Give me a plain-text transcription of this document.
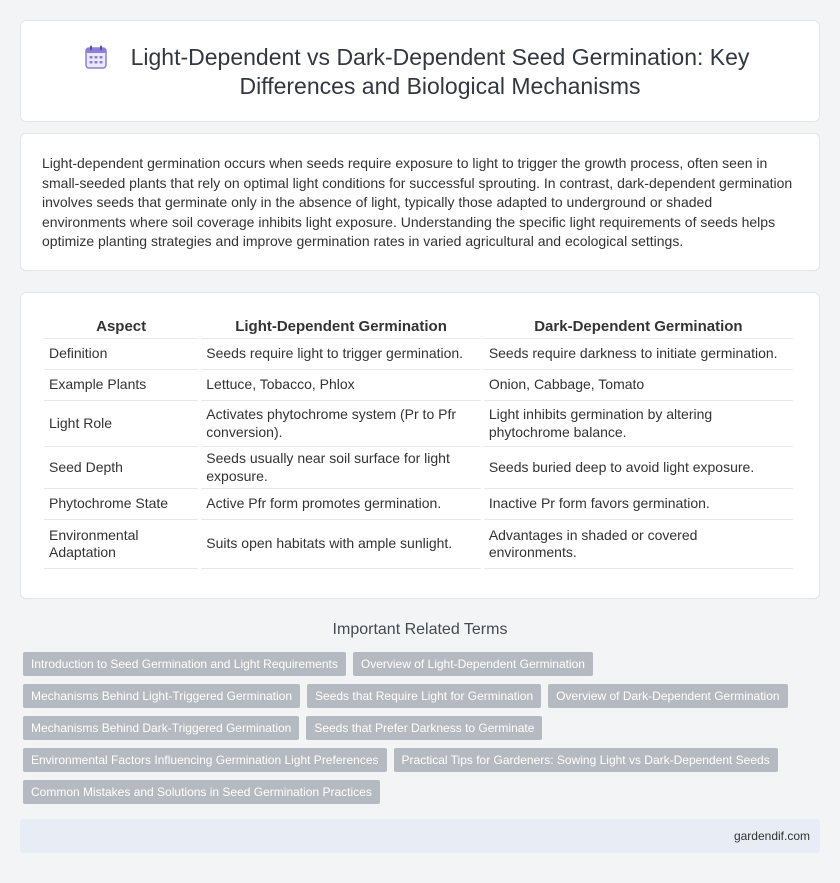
Light-Dependent vs Dark-Dependent Seed Germination: Key Differences and Biological Mechanisms

Light-dependent germination occurs when seeds require exposure to light to trigger the growth process, often seen in small-seeded plants that rely on optimal light conditions for successful sprouting. In contrast, dark-dependent germination involves seeds that germinate only in the absence of light, typically those adapted to underground or shaded environments where soil coverage inhibits light exposure. Understanding the specific light requirements of seeds helps optimize planting strategies and improve germination rates in varied agricultural and ecological settings.

Aspect	Light-Dependent Germination	Dark-Dependent Germination
Definition	Seeds require light to trigger germination.	Seeds require darkness to initiate germination.
Example Plants	Lettuce, Tobacco, Phlox	Onion, Cabbage, Tomato
Light Role	Activates phytochrome system (Pr to Pfr conversion).	Light inhibits germination by altering phytochrome balance.
Seed Depth	Seeds usually near soil surface for light exposure.	Seeds buried deep to avoid light exposure.
Phytochrome State	Active Pfr form promotes germination.	Inactive Pr form favors germination.
Environmental Adaptation	Suits open habitats with ample sunlight.	Advantages in shaded or covered environments.
Important Related Terms
Introduction to Seed Germination and Light Requirements	Overview of Light-Dependent Germination
Mechanisms Behind Light-Triggered Germination	Seeds that Require Light for Germination	Overview of Dark-Dependent Germination
Mechanisms Behind Dark-Triggered Germination	Seeds that Prefer Darkness to Germinate
Environmental Factors Influencing Germination Light Preferences	Practical Tips for Gardeners: Sowing Light vs Dark-Dependent Seeds
Common Mistakes and Solutions in Seed Germination Practices
gardendif.com
